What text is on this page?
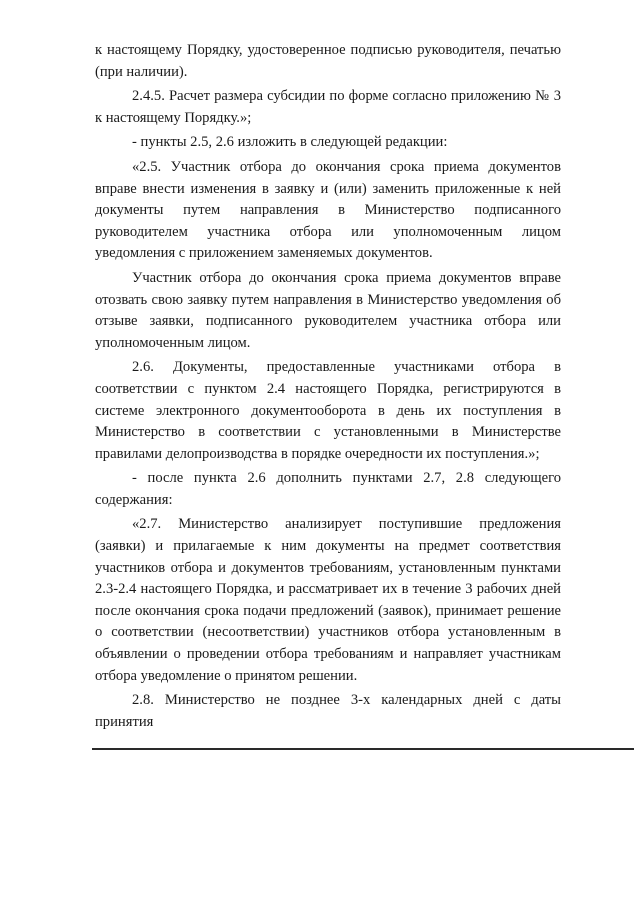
к настоящему Порядку, удостоверенное подписью руководителя, печатью (при наличии).

2.4.5. Расчет размера субсидии по форме согласно приложению № 3 к настоящему Порядку.»;

- пункты 2.5, 2.6 изложить в следующей редакции:

«2.5. Участник отбора до окончания срока приема документов вправе внести изменения в заявку и (или) заменить приложенные к ней документы путем направления в Министерство подписанного руководителем участника отбора или уполномоченным лицом уведомления с приложением заменяемых документов.

Участник отбора до окончания срока приема документов вправе отозвать свою заявку путем направления в Министерство уведомления об отзыве заявки, подписанного руководителем участника отбора или уполномоченным лицом.

2.6. Документы, предоставленные участниками отбора в соответствии с пунктом 2.4 настоящего Порядка, регистрируются в системе электронного документооборота в день их поступления в Министерство в соответствии с установленными в Министерстве правилами делопроизводства в порядке очередности их поступления.»;

- после пункта 2.6 дополнить пунктами 2.7, 2.8 следующего содержания:

«2.7. Министерство анализирует поступившие предложения (заявки) и прилагаемые к ним документы на предмет соответствия участников отбора и документов требованиям, установленным пунктами 2.3-2.4 настоящего Порядка, и рассматривает их в течение 3 рабочих дней после окончания срока подачи предложений (заявок), принимает решение о соответствии (несоответствии) участников отбора установленным в объявлении о проведении отбора требованиям и направляет участникам отбора уведомление о принятом решении.

2.8. Министерство не позднее 3-х календарных дней с даты принятия
